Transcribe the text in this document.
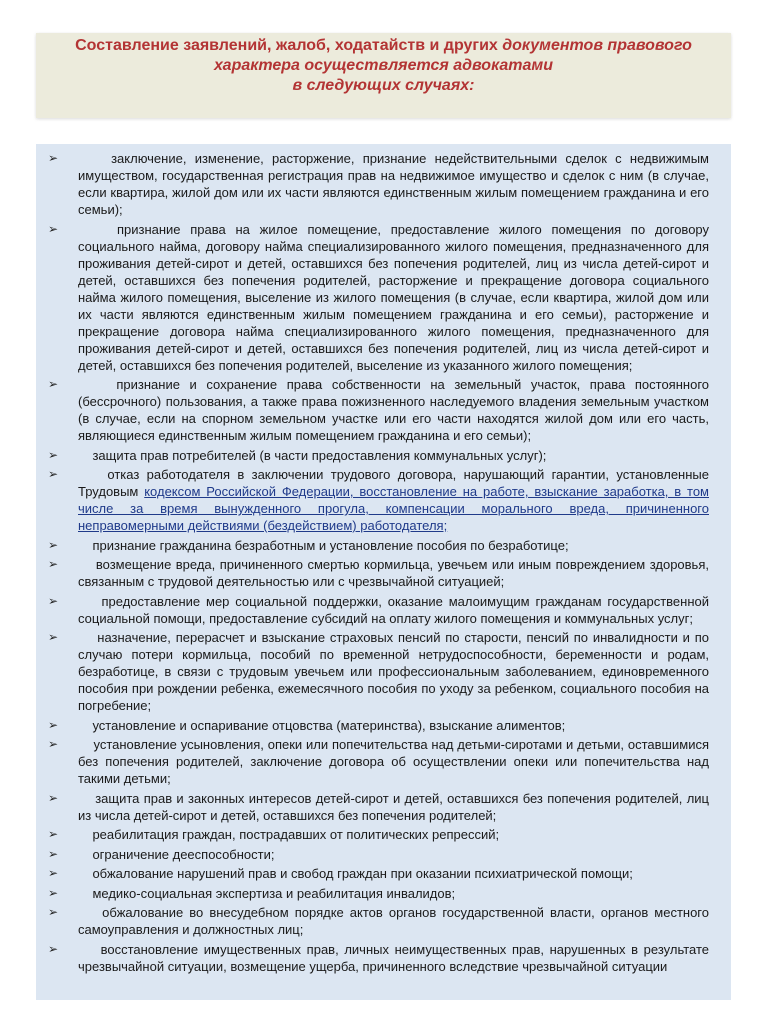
Составление заявлений, жалоб, ходатайств и других документов правового
характера осуществляется адвокатами
в следующих случаях:
➢	заключение, изменение, расторжение, признание недействительными сделок с недвижимым имуществом, государственная регистрация прав на недвижимое имущество и сделок с ним (в случае, если квартира, жилой дом или их части являются единственным жилым помещением гражданина и его семьи);
➢	признание права на жилое помещение, предоставление жилого помещения по договору социального найма, договору найма специализированного жилого помещения, предназначенного для проживания детей-сирот и детей, оставшихся без попечения родителей, лиц из числа детей-сирот и детей, оставшихся без попечения родителей, расторжение и прекращение договора социального найма жилого помещения, выселение из жилого помещения (в случае, если квартира, жилой дом или их части являются единственным жилым помещением гражданина и его семьи), расторжение и прекращение договора найма специализированного жилого помещения, предназначенного для проживания детей-сирот и детей, оставшихся без попечения родителей, лиц из числа детей-сирот и детей, оставшихся без попечения родителей, выселение из указанного жилого помещения;
➢	признание и сохранение права собственности на земельный участок, права постоянного (бессрочного) пользования, а также права пожизненного наследуемого владения земельным участком (в случае, если на спорном земельном участке или его части находятся жилой дом или его часть, являющиеся единственным жилым помещением гражданина и его семьи);
➢	защита прав потребителей (в части предоставления коммунальных услуг);
➢	отказ работодателя в заключении трудового договора, нарушающий гарантии, установленные Трудовым кодексом Российской Федерации, восстановление на работе, взыскание заработка, в том числе за время вынужденного прогула, компенсации морального вреда, причиненного неправомерными действиями (бездействием) работодателя;
➢	признание гражданина безработным и установление пособия по безработице;
➢	возмещение вреда, причиненного смертью кормильца, увечьем или иным повреждением здоровья, связанным с трудовой деятельностью или с чрезвычайной ситуацией;
➢	предоставление мер социальной поддержки, оказание малоимущим гражданам государственной социальной помощи, предоставление субсидий на оплату жилого помещения и коммунальных услуг;
➢	назначение, перерасчет и взыскание страховых пенсий по старости, пенсий по инвалидности и по случаю потери кормильца, пособий по временной нетрудоспособности, беременности и родам, безработице, в связи с трудовым увечьем или профессиональным заболеванием, единовременного пособия при рождении ребенка, ежемесячного пособия по уходу за ребенком, социального пособия на погребение;
➢	установление и оспаривание отцовства (материнства), взыскание алиментов;
➢	установление усыновления, опеки или попечительства над детьми-сиротами и детьми, оставшимися без попечения родителей, заключение договора об осуществлении опеки или попечительства над такими детьми;
➢	защита прав и законных интересов детей-сирот и детей, оставшихся без попечения родителей, лиц из числа детей-сирот и детей, оставшихся без попечения родителей;
➢	реабилитация граждан, пострадавших от политических репрессий;
➢	ограничение дееспособности;
➢	обжалование нарушений прав и свобод граждан при оказании психиатрической помощи;
➢	медико-социальная экспертиза и реабилитация инвалидов;
➢	обжалование во внесудебном порядке актов органов государственной власти, органов местного самоуправления и должностных лиц;
➢	восстановление имущественных прав, личных неимущественных прав, нарушенных в результате чрезвычайной ситуации, возмещение ущерба, причиненного вследствие чрезвычайной ситуации
